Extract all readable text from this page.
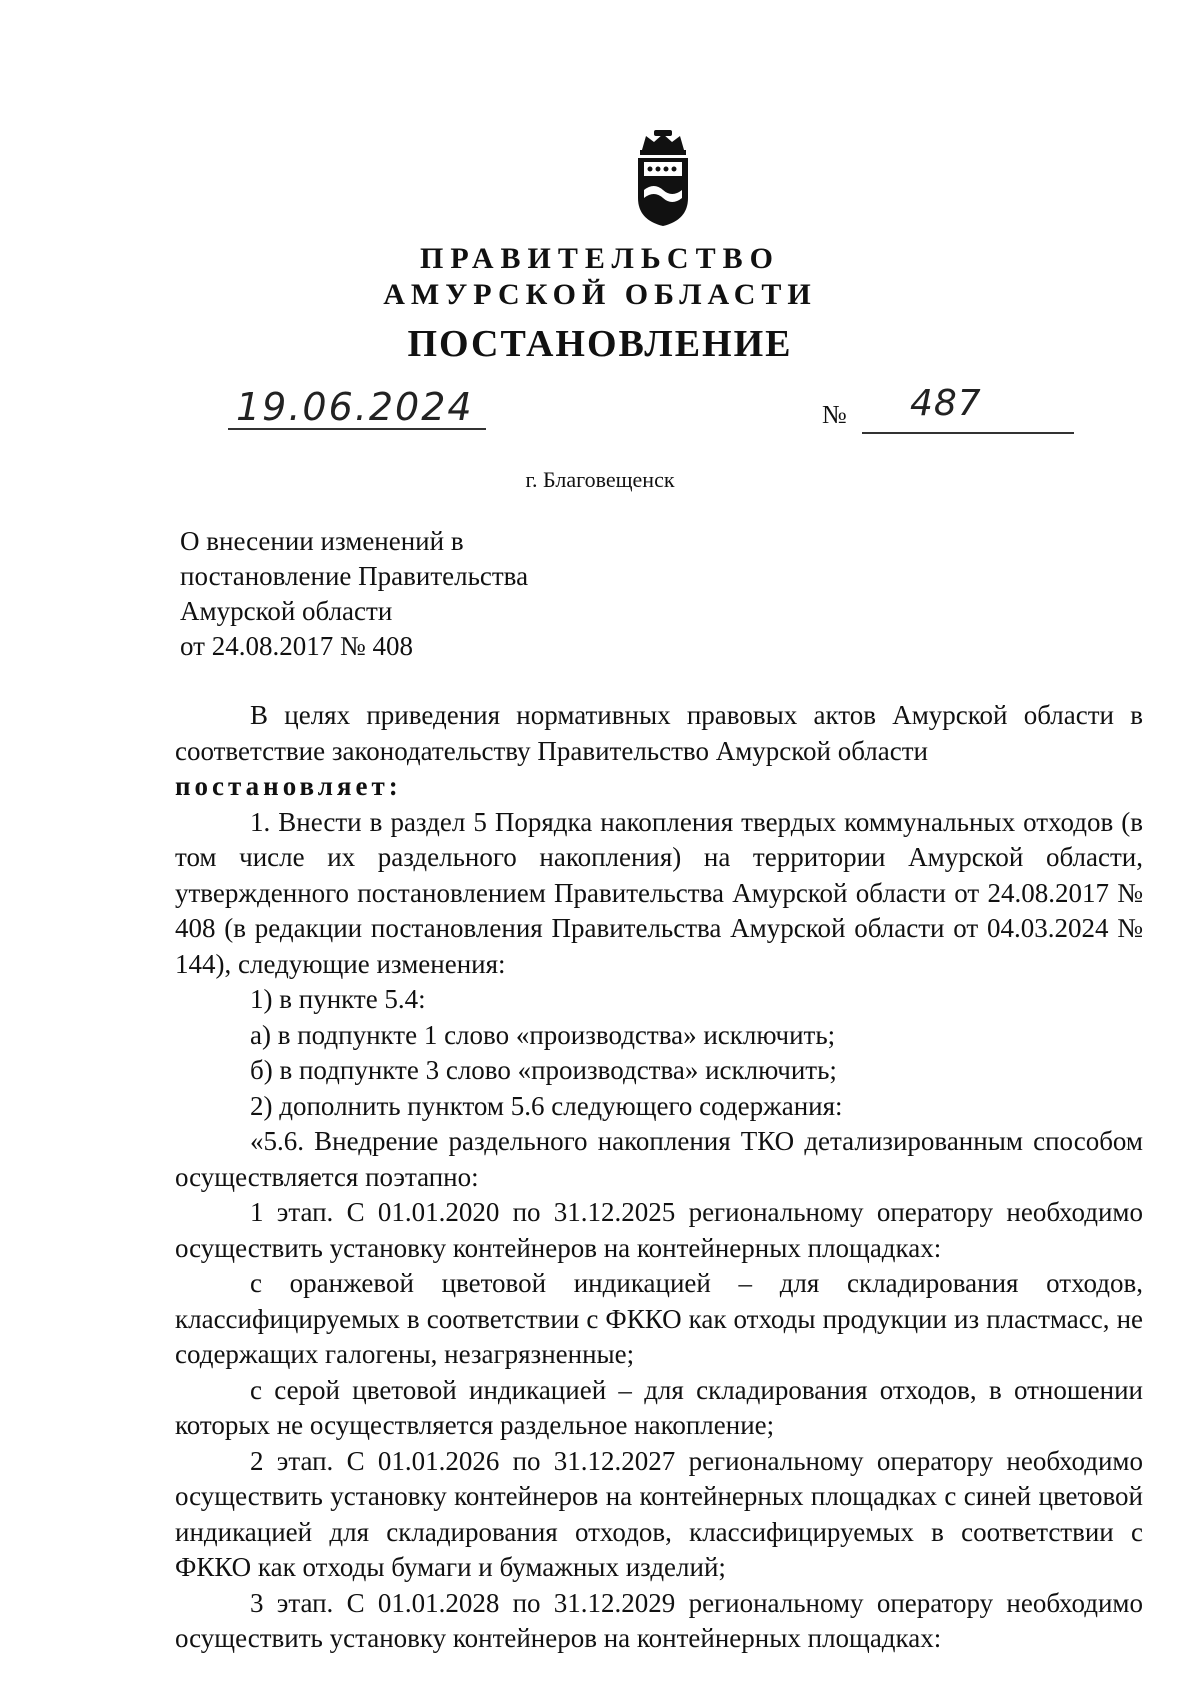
ПРАВИТЕЛЬСТВО
АМУРСКОЙ ОБЛАСТИ
ПОСТАНОВЛЕНИЕ
19.06.2024	№ 487
г. Благовещенск
О внесении изменений в
постановление Правительства
Амурской области
от 24.08.2017 № 408

В целях приведения нормативных правовых актов Амурской области в

соответствие законодательству Правительство Амурской области

постановляет:

1. Внести в раздел 5 Порядка накопления твердых коммунальных отходов (в том числе их раздельного накопления) на территории Амурской области, утвержденного постановлением Правительства Амурской области от 24.08.2017 № 408 (в редакции постановления Правительства Амурской области от 04.03.2024 № 144), следующие изменения:

1) в пункте 5.4:

а) в подпункте 1 слово «производства» исключить;

б) в подпункте 3 слово «производства» исключить;

2) дополнить пунктом 5.6 следующего содержания:

«5.6. Внедрение раздельного накопления ТКО детализированным способом осуществляется поэтапно:

1 этап. С 01.01.2020 по 31.12.2025 региональному оператору необходимо осуществить установку контейнеров на контейнерных площадках:

с оранжевой цветовой индикацией – для складирования отходов, классифицируемых в соответствии с ФККО как отходы продукции из пластмасс, не содержащих галогены, незагрязненные;

с серой цветовой индикацией – для складирования отходов, в отношении которых не осуществляется раздельное накопление;

2 этап. С 01.01.2026 по 31.12.2027 региональному оператору необходимо осуществить установку контейнеров на контейнерных площадках с синей цветовой индикацией для складирования отходов, классифицируемых в соответствии с ФККО как отходы бумаги и бумажных изделий;

3 этап. С 01.01.2028 по 31.12.2029 региональному оператору необходимо осуществить установку контейнеров на контейнерных площадках:
